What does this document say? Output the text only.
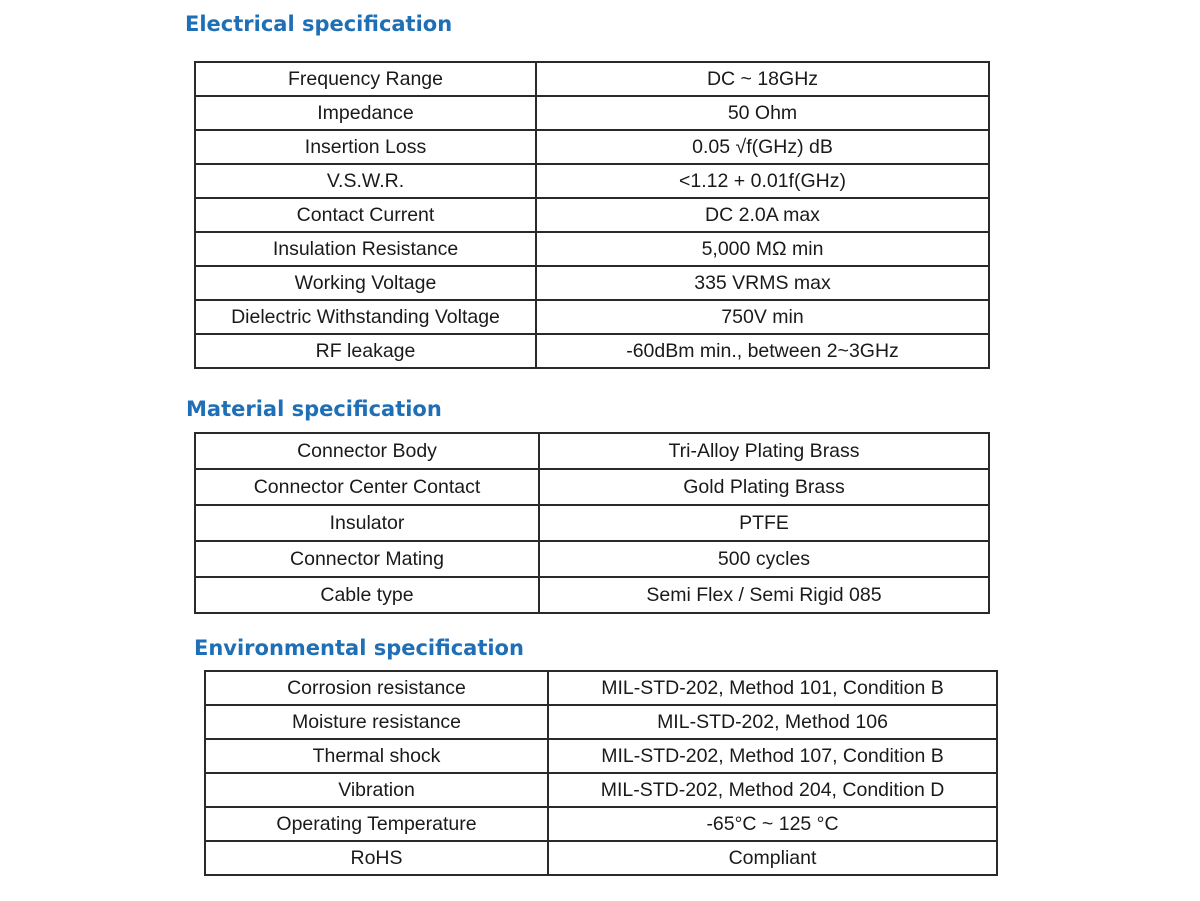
Electrical specification
Frequency Range	DC ~ 18GHz
Impedance	50 Ohm
Insertion Loss	0.05 √f(GHz) dB
V.S.W.R.	<1.12 + 0.01f(GHz)
Contact Current	DC 2.0A max
Insulation Resistance	5,000 MΩ min
Working Voltage	335 VRMS max
Dielectric Withstanding Voltage	750V min
RF leakage	-60dBm min., between 2~3GHz
Material specification
Connector Body	Tri-Alloy Plating Brass
Connector Center Contact	Gold Plating Brass
Insulator	PTFE
Connector Mating	500 cycles
Cable type	Semi Flex / Semi Rigid 085
Environmental specification
Corrosion resistance	MIL-STD-202, Method 101, Condition B
Moisture resistance	MIL-STD-202, Method 106
Thermal shock	MIL-STD-202, Method 107, Condition B
Vibration	MIL-STD-202, Method 204, Condition D
Operating Temperature	-65°C ~ 125 °C
RoHS	Compliant
